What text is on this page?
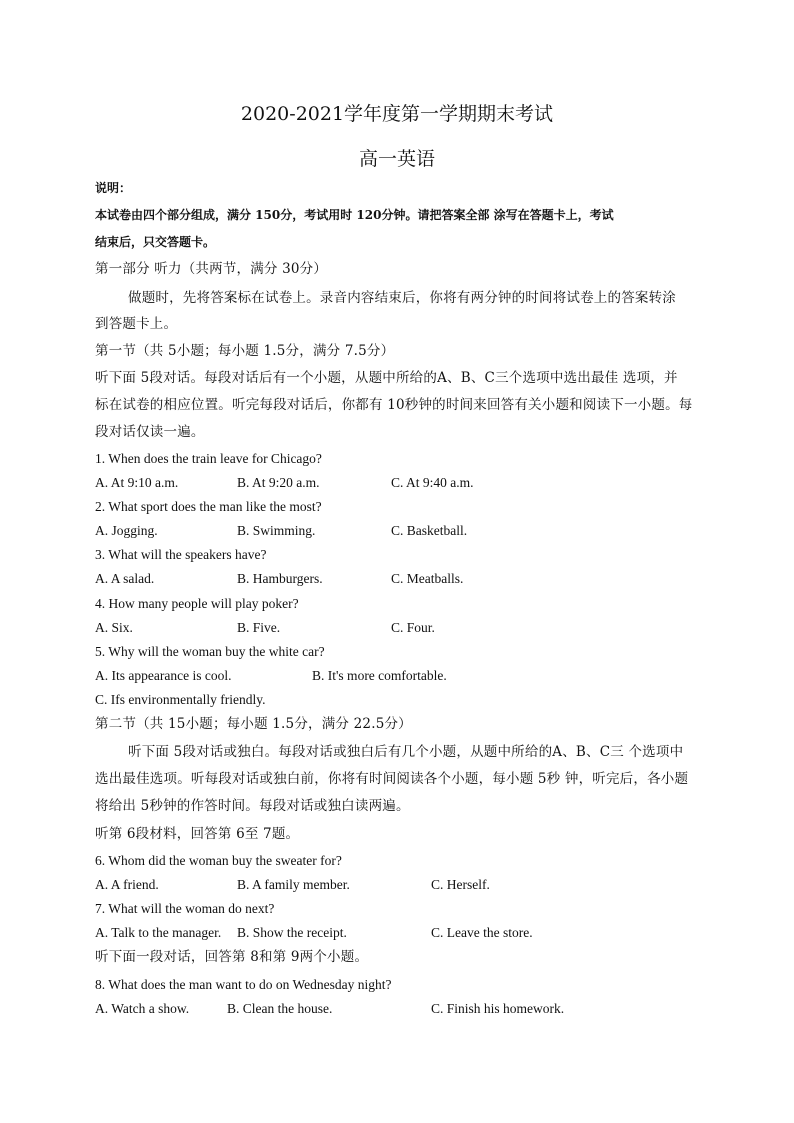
2020-2021学年度第一学期期末考试
高一英语
说明：
本试卷由四个部分组成，满分 150分，考试用时 120分钟。请把答案全部 涂写在答题卡上，考试
结束后，只交答题卡。
第一部分 听力（共两节，满分 30分）
做题时，先将答案标在试卷上。录音内容结束后，你将有两分钟的时间将试卷上的答案转涂
到答题卡上。
第一节（共 5小题；每小题 1.5分，满分 7.5分）
听下面 5段对话。每段对话后有一个小题，从题中所给的A、B、C三个选项中选出最佳 选项，并
标在试卷的相应位置。听完每段对话后，你都有 10秒钟的时间来回答有关小题和阅读下一小题。每
段对话仅读一遍。
1. When does the train leave for Chicago?
A. At 9:10 a.m.	B. At 9:20 a.m.	C. At 9:40 a.m.
2. What sport does the man like the most?
A. Jogging.	B. Swimming.	C. Basketball.
3. What will the speakers have?
A. A salad.	B. Hamburgers.	C. Meatballs.
4. How many people will play poker?
A. Six.	B. Five.	C. Four.
5. Why will the woman buy the white car?
A. Its appearance is cool.	B. It's more comfortable.
C. Ifs environmentally friendly.
第二节（共 15小题；每小题 1.5分，满分 22.5分）
听下面 5段对话或独白。每段对话或独白后有几个小题，从题中所给的A、B、C三 个选项中
选出最佳选项。听每段对话或独白前，你将有时间阅读各个小题，每小题 5秒 钟，听完后，各小题
将给出 5秒钟的作答时间。每段对话或独白读两遍。
听第 6段材料，回答第 6至 7题。
6. Whom did the woman buy the sweater for?
A. A friend.	B. A family member.	C. Herself.
7. What will the woman do next?
A. Talk to the manager. B. Show the receipt.	C. Leave the store.
听下面一段对话，回答第 8和第 9两个小题。
8. What does the man want to do on Wednesday night?
A. Watch a show.	B. Clean the house.	C. Finish his homework.
